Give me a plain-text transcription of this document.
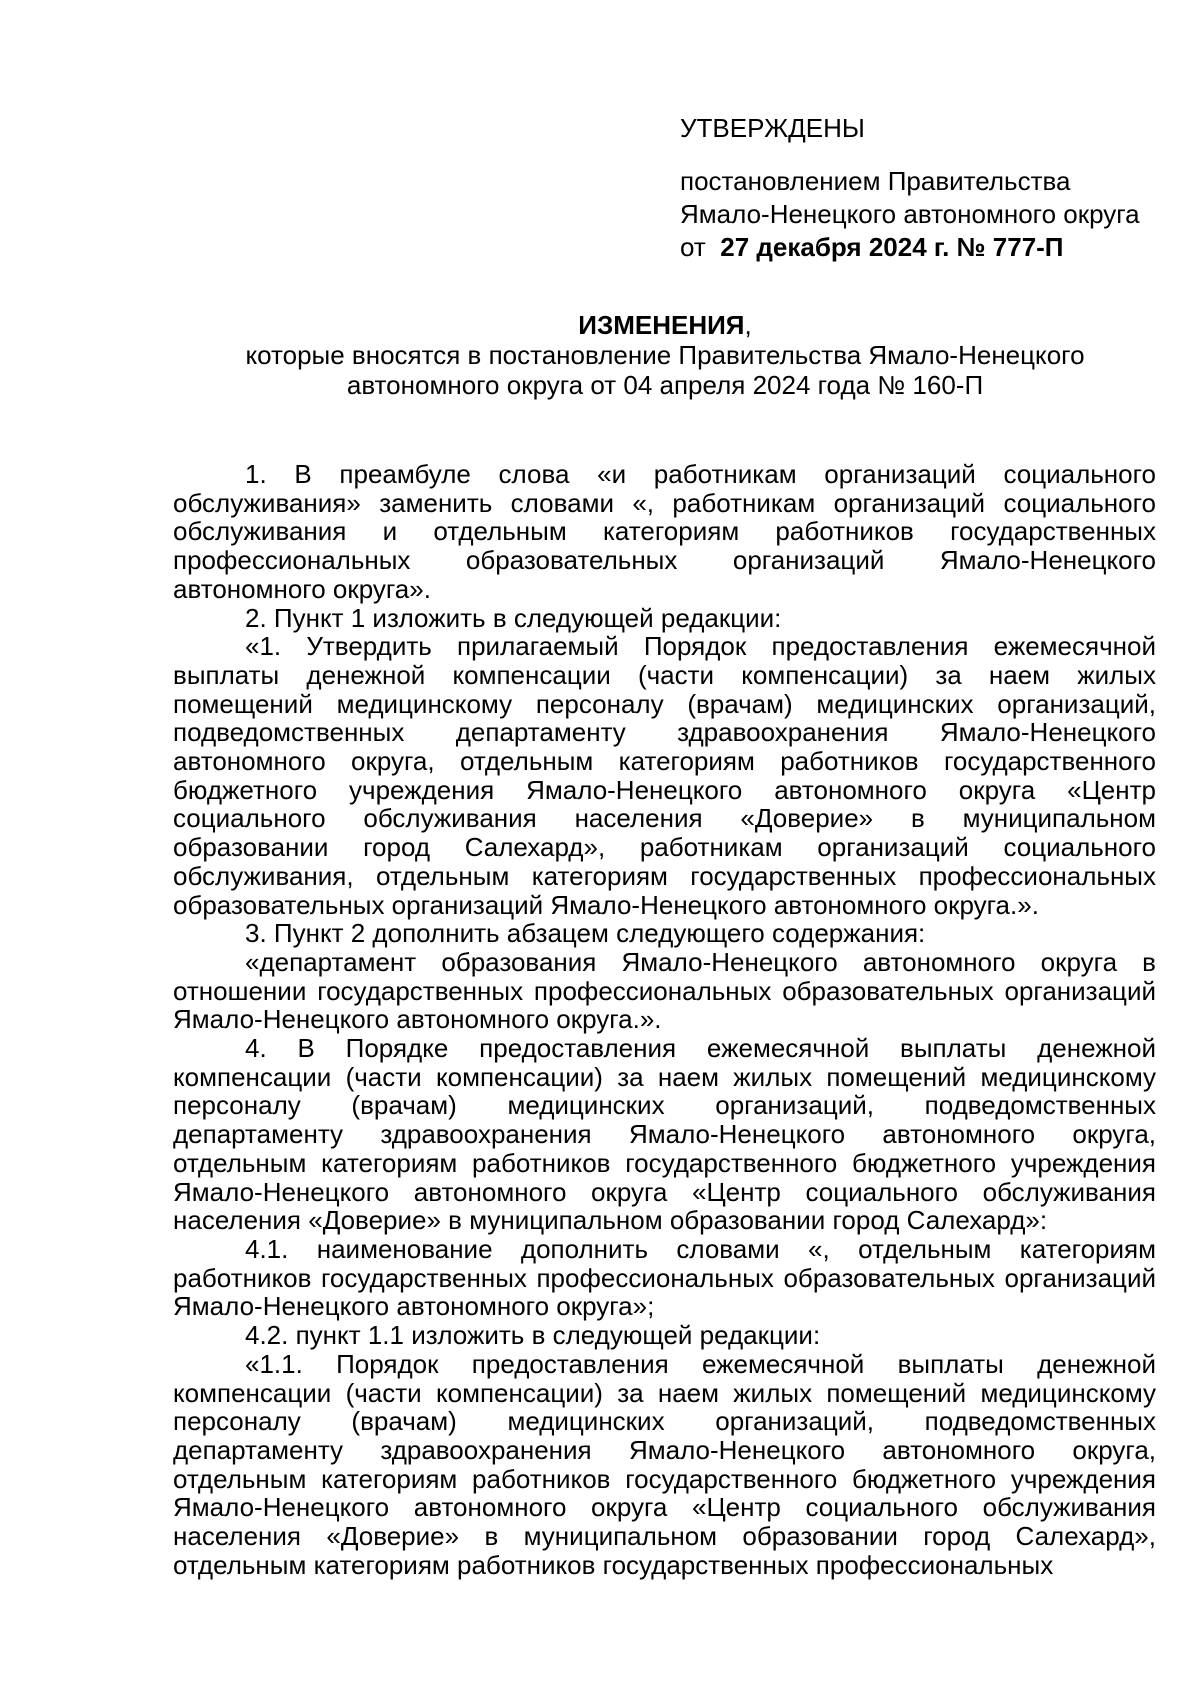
УТВЕРЖДЕНЫ
постановлением Правительства
Ямало-Ненецкого автономного округа
от 27 декабря 2024 г. № 777-П
ИЗМЕНЕНИЯ,
которые вносятся в постановление Правительства Ямало-Ненецкого
автономного округа от 04 апреля 2024 года № 160-П

1. В преамбуле слова «и работникам организаций социального обслуживания» заменить словами «, работникам организаций социального обслуживания и отдельным категориям работников государственных профессиональных образовательных организаций Ямало-Ненецкого автономного округа».

2. Пункт 1 изложить в следующей редакции:

«1. Утвердить прилагаемый Порядок предоставления ежемесячной выплаты денежной компенсации (части компенсации) за наем жилых помещений медицинскому персоналу (врачам) медицинских организаций, подведомственных департаменту здравоохранения Ямало-Ненецкого автономного округа, отдельным категориям работников государственного бюджетного учреждения Ямало-Ненецкого автономного округа «Центр социального обслуживания населения «Доверие» в муниципальном образовании город Салехард», работникам организаций социального обслуживания, отдельным категориям государственных профессиональных образовательных организаций Ямало-Ненецкого автономного округа.».

3. Пункт 2 дополнить абзацем следующего содержания:

«департамент образования Ямало-Ненецкого автономного округа в отношении государственных профессиональных образовательных организаций Ямало-Ненецкого автономного округа.».

4. В Порядке предоставления ежемесячной выплаты денежной компенсации (части компенсации) за наем жилых помещений медицинскому персоналу (врачам) медицинских организаций, подведомственных департаменту здравоохранения Ямало-Ненецкого автономного округа, отдельным категориям работников государственного бюджетного учреждения Ямало-Ненецкого автономного округа «Центр социального обслуживания населения «Доверие» в муниципальном образовании город Салехард»:

4.1. наименование дополнить словами «, отдельным категориям работников государственных профессиональных образовательных организаций Ямало-Ненецкого автономного округа»;

4.2. пункт 1.1 изложить в следующей редакции:

«1.1. Порядок предоставления ежемесячной выплаты денежной компенсации (части компенсации) за наем жилых помещений медицинскому персоналу (врачам) медицинских организаций, подведомственных департаменту здравоохранения Ямало-Ненецкого автономного округа, отдельным категориям работников государственного бюджетного учреждения Ямало-Ненецкого автономного округа «Центр социального обслуживания населения «Доверие» в муниципальном образовании город Салехард», отдельным категориям работников государственных профессиональных
